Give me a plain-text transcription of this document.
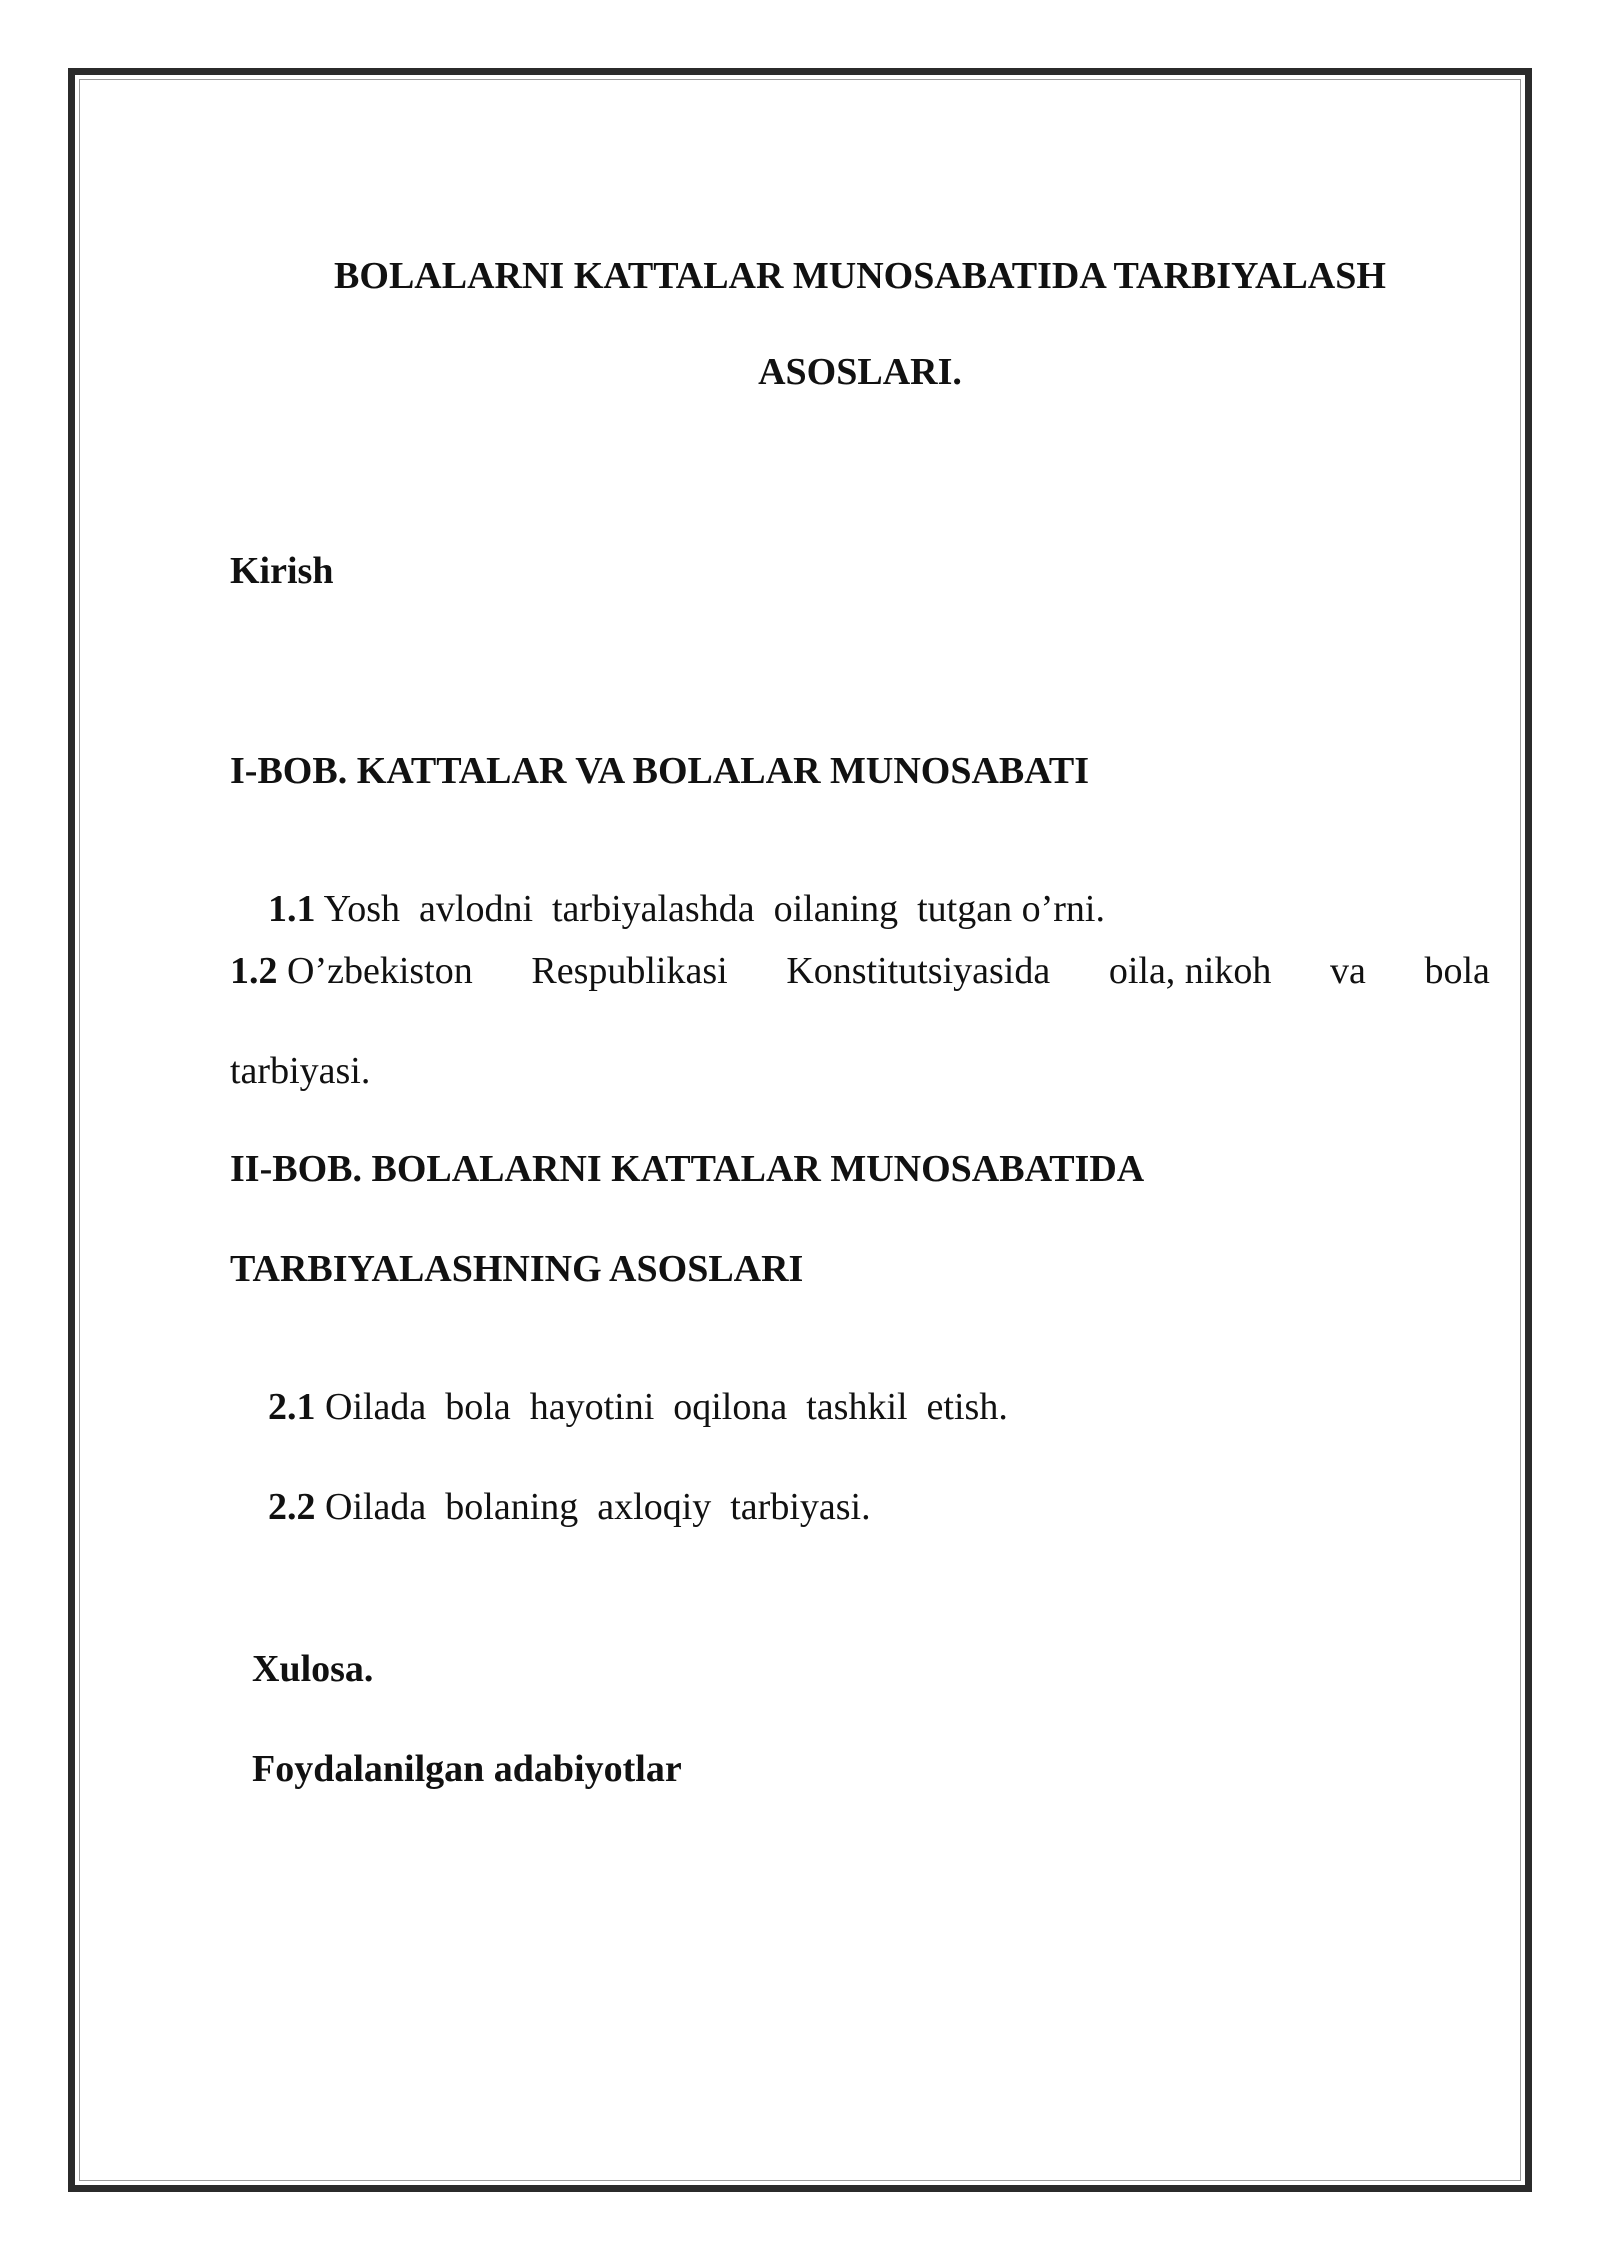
BOLALARNI KATTALAR MUNOSABATIDA TARBIYALASH ASOSLARI.

Kirish

I-BOB. KATTALAR VA BOLALAR MUNOSABATI

1.1 Yosh  avlodni  tarbiyalashda  oilaning  tutgan o’rni.

1.2 O’zbekiston Respublikasi Konstitutsiyasida oila, nikoh va bola

tarbiyasi.

II-BOB. BOLALARNI KATTALAR MUNOSABATIDA

TARBIYALASHNING ASOSLARI

2.1 Oilada  bola  hayotini  oqilona  tashkil  etish.

2.2 Oilada  bolaning  axloqiy  tarbiyasi.

Xulosa.

Foydalanilgan adabiyotlar
